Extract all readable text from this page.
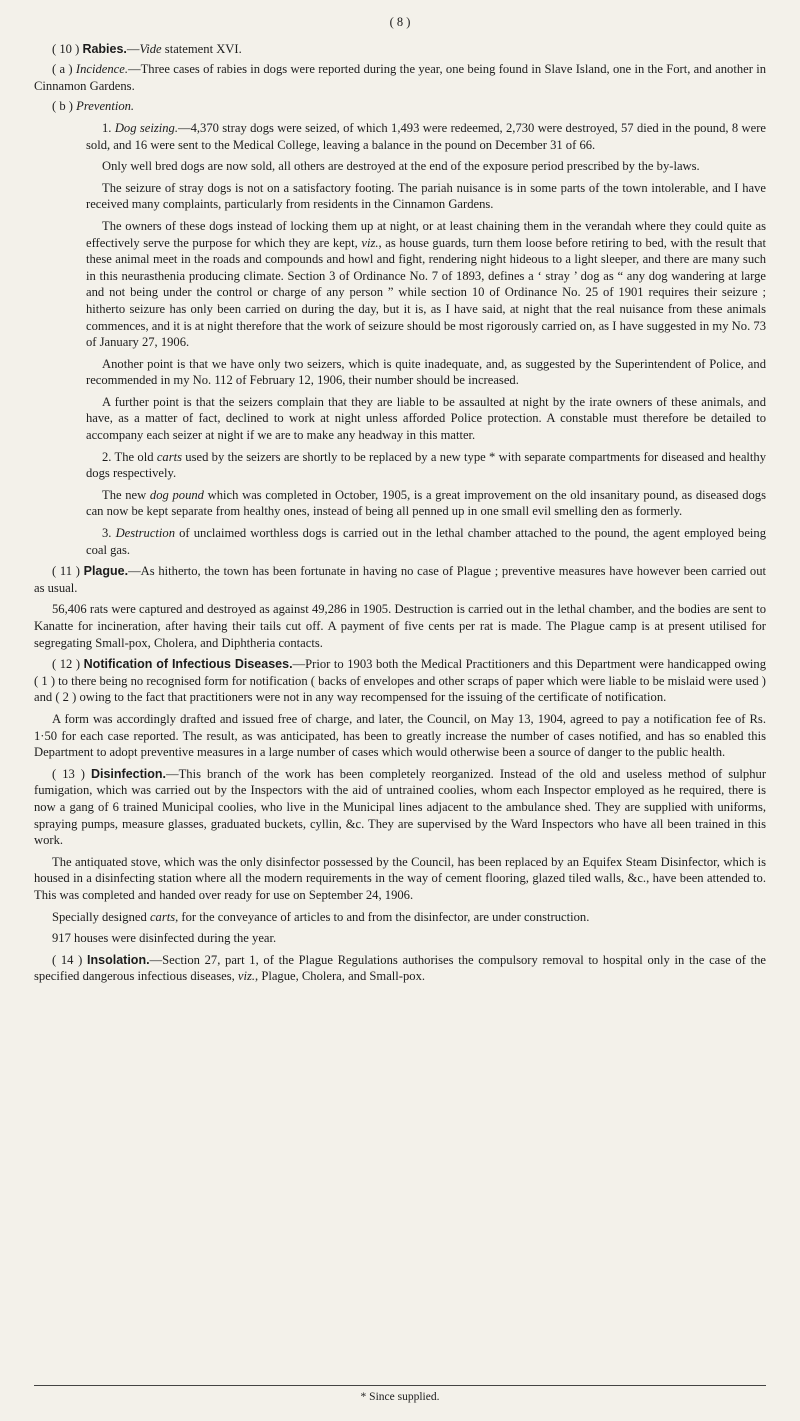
( 8 )

( 10 ) Rabies.—Vide statement XVI.

( a ) Incidence.—Three cases of rabies in dogs were reported during the year, one being found in Slave Island, one in the Fort, and another in Cinnamon Gardens.

( b ) Prevention.

1. Dog seizing.—4,370 stray dogs were seized, of which 1,493 were redeemed, 2,730 were destroyed, 57 died in the pound, 8 were sold, and 16 were sent to the Medical College, leaving a balance in the pound on December 31 of 66.

Only well bred dogs are now sold, all others are destroyed at the end of the exposure period prescribed by the by-laws.

The seizure of stray dogs is not on a satisfactory footing. The pariah nuisance is in some parts of the town intolerable, and I have received many complaints, particularly from residents in the Cinnamon Gardens.

The owners of these dogs instead of locking them up at night, or at least chaining them in the verandah where they could quite as effectively serve the purpose for which they are kept, viz., as house guards, turn them loose before retiring to bed, with the result that these animal meet in the roads and compounds and howl and fight, rendering night hideous to a light sleeper, and there are many such in this neurasthenia producing climate. Section 3 of Ordinance No. 7 of 1893, defines a ‘ stray ’ dog as “ any dog wandering at large and not being under the control or charge of any person ” while section 10 of Ordinance No. 25 of 1901 requires their seizure ; hitherto seizure has only been carried on during the day, but it is, as I have said, at night that the real nuisance from these animals commences, and it is at night therefore that the work of seizure should be most rigorously carried on, as I have suggested in my No. 73 of January 27, 1906.

Another point is that we have only two seizers, which is quite inadequate, and, as suggested by the Superintendent of Police, and recommended in my No. 112 of February 12, 1906, their number should be increased.

A further point is that the seizers complain that they are liable to be assaulted at night by the irate owners of these animals, and have, as a matter of fact, declined to work at night unless afforded Police protection. A constable must therefore be detailed to accompany each seizer at night if we are to make any headway in this matter.

2. The old carts used by the seizers are shortly to be replaced by a new type * with separate compartments for diseased and healthy dogs respectively.

The new dog pound which was completed in October, 1905, is a great improvement on the old insanitary pound, as diseased dogs can now be kept separate from healthy ones, instead of being all penned up in one small evil smelling den as formerly.

3. Destruction of unclaimed worthless dogs is carried out in the lethal chamber attached to the pound, the agent employed being coal gas.

( 11 ) Plague.—As hitherto, the town has been fortunate in having no case of Plague ; preventive measures have however been carried out as usual.

56,406 rats were captured and destroyed as against 49,286 in 1905. Destruction is carried out in the lethal chamber, and the bodies are sent to Kanatte for incineration, after having their tails cut off. A payment of five cents per rat is made. The Plague camp is at present utilised for segregating Small-pox, Cholera, and Diphtheria contacts.

( 12 ) Notification of Infectious Diseases.—Prior to 1903 both the Medical Practitioners and this Department were handicapped owing ( 1 ) to there being no recognised form for notification ( backs of envelopes and other scraps of paper which were liable to be mislaid were used ) and ( 2 ) owing to the fact that practitioners were not in any way recompensed for the issuing of the certificate of notification.

A form was accordingly drafted and issued free of charge, and later, the Council, on May 13, 1904, agreed to pay a notification fee of Rs. 1·50 for each case reported. The result, as was anticipated, has been to greatly increase the number of cases notified, and has so enabled this Department to adopt preventive measures in a large number of cases which would otherwise been a source of danger to the public health.

( 13 ) Disinfection.—This branch of the work has been completely reorganized. Instead of the old and useless method of sulphur fumigation, which was carried out by the Inspectors with the aid of untrained coolies, whom each Inspector employed as he required, there is now a gang of 6 trained Municipal coolies, who live in the Municipal lines adjacent to the ambulance shed. They are supplied with uniforms, spraying pumps, measure glasses, graduated buckets, cyllin, &c. They are supervised by the Ward Inspectors who have all been trained in this work.

The antiquated stove, which was the only disinfector possessed by the Council, has been replaced by an Equifex Steam Disinfector, which is housed in a disinfecting station where all the modern requirements in the way of cement flooring, glazed tiled walls, &c., have been attended to. This was completed and handed over ready for use on September 24, 1906.

Specially designed carts, for the conveyance of articles to and from the disinfector, are under construction.

917 houses were disinfected during the year.

( 14 ) Insolation.—Section 27, part 1, of the Plague Regulations authorises the compulsory removal to hospital only in the case of the specified dangerous infectious diseases, viz., Plague, Cholera, and Small-pox.

* Since supplied.
